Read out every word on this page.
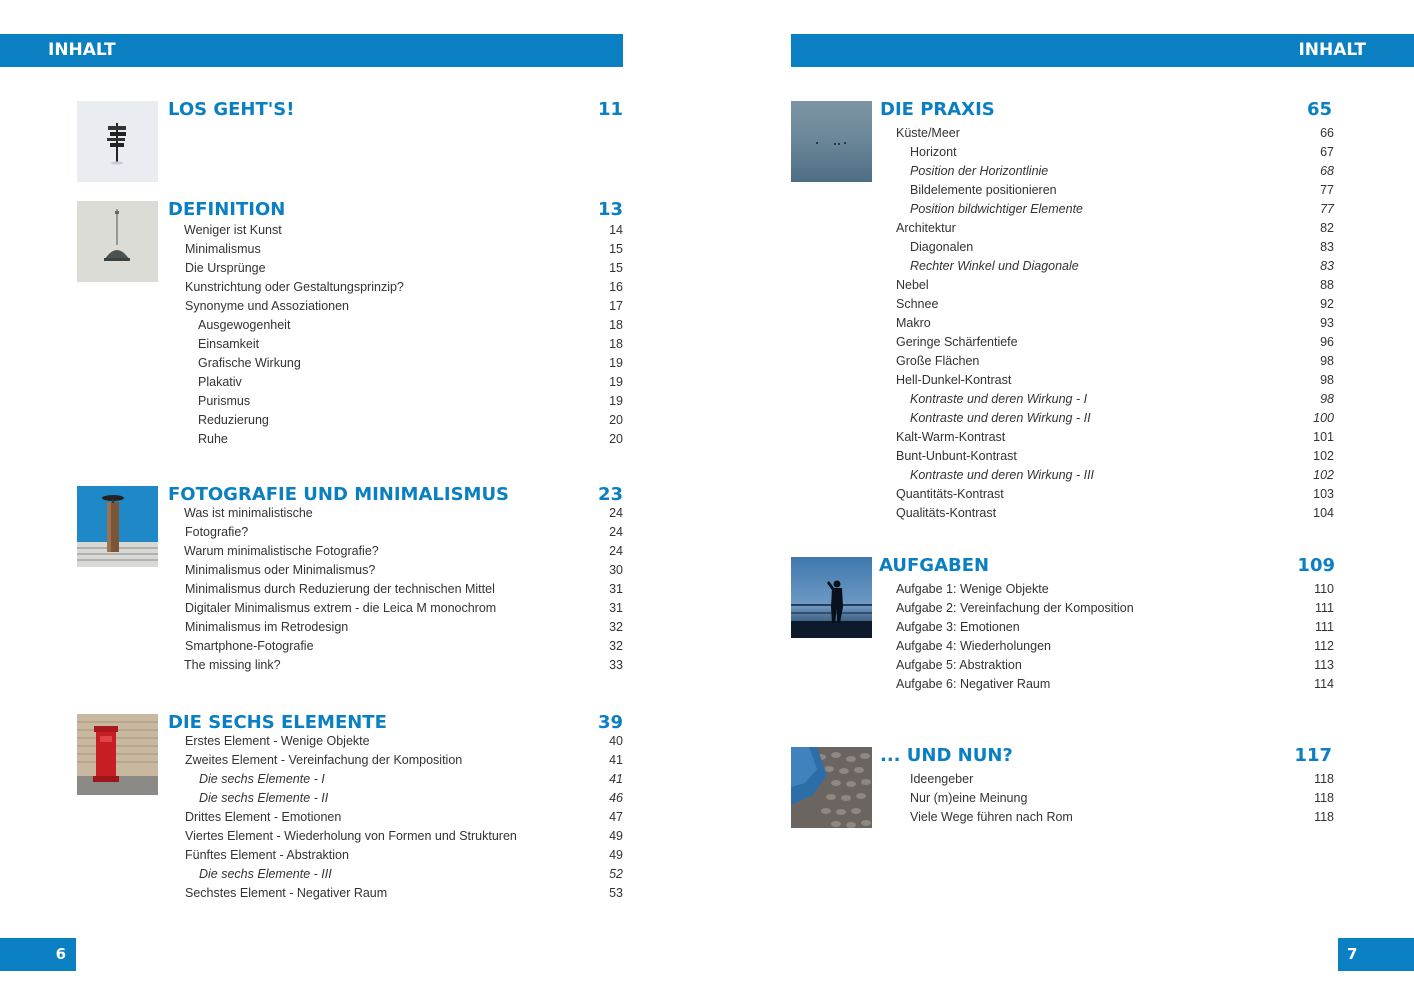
INHALT	INHALT
LOS GEHT'S!	11
DEFINITION	13
Weniger ist Kunst	14
Minimalismus	15
Die Ursprünge	15
Kunstrichtung oder Gestaltungsprinzip?	16
Synonyme und Assoziationen	17
Ausgewogenheit	18
Einsamkeit	18
Grafische Wirkung	19
Plakativ	19
Purismus	19
Reduzierung	20
Ruhe	20
FOTOGRAFIE UND MINIMALISMUS	23
Was ist minimalistische	24
Fotografie?	24
Warum minimalistische Fotografie?	24
Minimalismus oder Minimalismus?	30
Minimalismus durch Reduzierung der technischen Mittel	31
Digitaler Minimalismus extrem - die Leica M monochrom	31
Minimalismus im Retrodesign	32
Smartphone-Fotografie	32
The missing link?	33
DIE SECHS ELEMENTE	39
Erstes Element - Wenige Objekte	40
Zweites Element - Vereinfachung der Komposition	41
Die sechs Elemente - I	41
Die sechs Elemente - II	46
Drittes Element - Emotionen	47
Viertes Element - Wiederholung von Formen und Strukturen	49
Fünftes Element - Abstraktion	49
Die sechs Elemente - III	52
Sechstes Element - Negativer Raum	53
DIE PRAXIS	65
Küste/Meer	66
Horizont	67
Position der Horizontlinie	68
Bildelemente positionieren	77
Position bildwichtiger Elemente	77
Architektur	82
Diagonalen	83
Rechter Winkel und Diagonale	83
Nebel	88
Schnee	92
Makro	93
Geringe Schärfentiefe	96
Große Flächen	98
Hell-Dunkel-Kontrast	98
Kontraste und deren Wirkung - I	98
Kontraste und deren Wirkung - II	100
Kalt-Warm-Kontrast	101
Bunt-Unbunt-Kontrast	102
Kontraste und deren Wirkung - III	102
Quantitäts-Kontrast	103
Qualitäts-Kontrast	104
AUFGABEN	109
Aufgabe 1: Wenige Objekte	110
Aufgabe 2: Vereinfachung der Komposition	111
Aufgabe 3: Emotionen	111
Aufgabe 4: Wiederholungen	112
Aufgabe 5: Abstraktion	113
Aufgabe 6: Negativer Raum	114
... UND NUN?	117
Ideengeber	118
Nur (m)eine Meinung	118
Viele Wege führen nach Rom	118
6	7
